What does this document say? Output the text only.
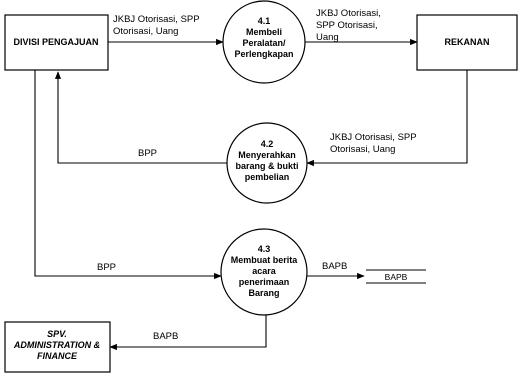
DIVISI PENGAJUAN	REKANAN
SPV.
ADMINISTRATION &
FINANCE
4.1
Membeli
Peralatan/
Perlengkapan
4.2
Menyerahkan
barang & bukti
pembelian
4.3
Membuat berita
acara
penerimaan
Barang
BAPB
JKBJ Otorisasi, SPP
Otorisasi, Uang
JKBJ Otorisasi,
SPP Otorisasi,
Uang
JKBJ Otorisasi, SPP
Otorisasi, Uang
BPP
BPP	BAPB
BAPB
